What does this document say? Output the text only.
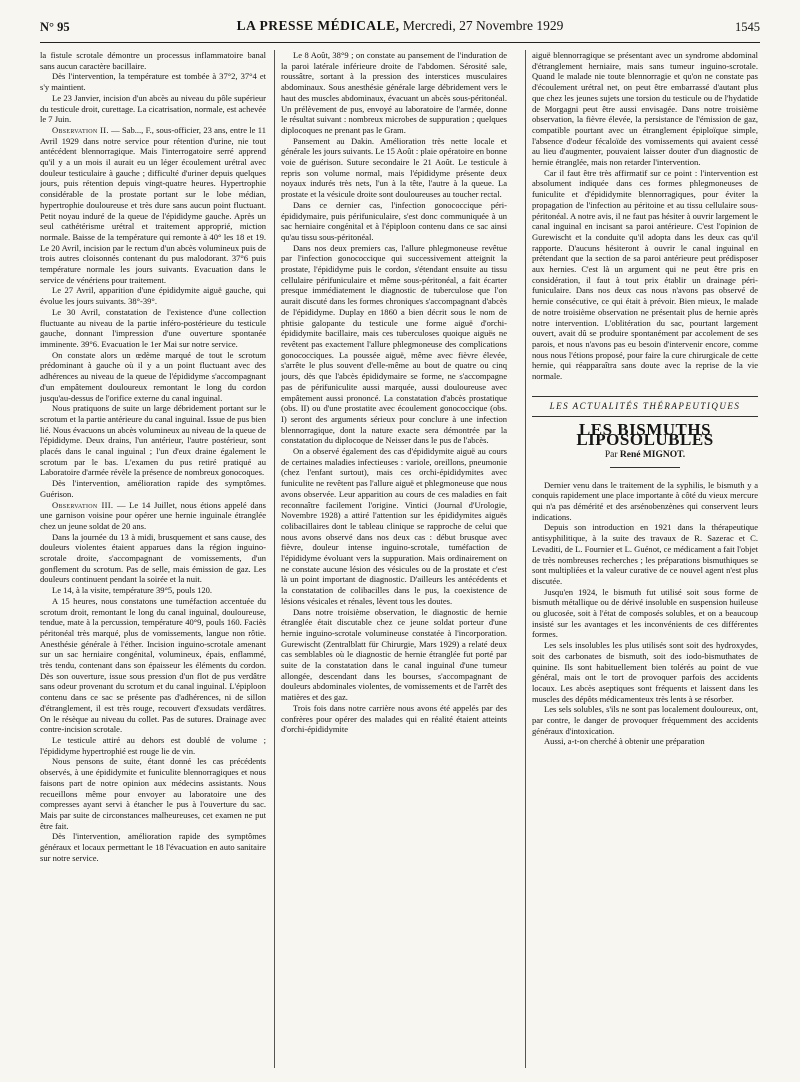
N° 95	LA PRESSE MÉDICALE, Mercredi, 27 Novembre 1929	1545

la fistule scrotale démontre un processus inflammatoire banal sans aucun caractère bacillaire.

Dès l'intervention, la température est tombée à 37°2, 37°4 et s'y maintient.

Le 23 Janvier, incision d'un abcès au niveau du pôle supérieur du testicule droit, curettage. La cicatrisation, normale, est achevée le 7 Juin.

Observation II. — Sab..., F., sous-officier, 23 ans, entre le 11 Avril 1929 dans notre service pour rétention d'urine, nie tout antécédent blennorragique. Mais l'interrogatoire serré apprend qu'il y a un mois il aurait eu un léger écoulement urétral avec douleur testiculaire à gauche ; difficulté d'uriner depuis quelques jours, puis rétention depuis vingt-quatre heures. Hypertrophie considérable de la prostate portant sur le lobe médian, hypertrophie douloureuse et très dure sans aucun point fluctuant. Petit noyau induré de la queue de l'épididyme gauche. Après un seul cathétérisme urétral et traitement approprié, miction normale. Baisse de la température qui remonte à 40° les 18 et 19. Le 20 Avril, incision par le rectum d'un abcès volumineux puis de trois autres cloisonnés contenant du pus malodorant. 37°6 puis température normale les jours suivants. Evacuation dans le service de vénériens pour traitement.

Le 27 Avril, apparition d'une épididymite aiguë gauche, qui évolue les jours suivants. 38°-39°.

Le 30 Avril, constatation de l'existence d'une collection fluctuante au niveau de la partie inféro-postérieure du testicule gauche, donnant l'impression d'une ouverture spontanée imminente. 39°6. Evacuation le 1er Mai sur notre service.

On constate alors un œdème marqué de tout le scrotum prédominant à gauche où il y a un point fluctuant avec des adhérences au niveau de la queue de l'épididyme s'accompagnant d'un empâtement douloureux remontant le long du cordon jusqu'au-dessus de l'orifice externe du canal inguinal.

Nous pratiquons de suite un large débridement portant sur le scrotum et la partie antérieure du canal inguinal. Issue de pus bien lié. Nous évacuons un abcès volumineux au niveau de la queue de l'épididyme. Deux drains, l'un antérieur, l'autre postérieur, sont placés dans le canal inguinal ; l'un d'eux draine également le scrotum par le bas. L'examen du pus retiré pratiqué au Laboratoire d'armée révèle la présence de nombreux gonocoques.

Dès l'intervention, amélioration rapide des symptômes. Guérison.

Observation III. — Le 14 Juillet, nous étions appelé dans une garnison voisine pour opérer une hernie inguinale étranglée chez un jeune soldat de 20 ans.

Dans la journée du 13 à midi, brusquement et sans cause, des douleurs violentes étaient apparues dans la région inguino-scrotale droite, s'accompagnant de vomissements, d'un gonflement du scrotum. Pas de selle, mais émission de gaz. Les douleurs continuent pendant la soirée et la nuit.

Le 14, à la visite, température 39°5, pouls 120.

A 15 heures, nous constatons une tuméfaction accentuée du scrotum droit, remontant le long du canal inguinal, douloureuse, tendue, mate à la percussion, température 40°9, pouls 160. Faciès péritonéal très marqué, plus de vomissements, langue non rôtie. Anesthésie générale à l'éther. Incision inguino-scrotale amenant sur un sac herniaire congénital, volumineux, épais, enflammé, très tendu, contenant dans son épaisseur les éléments du cordon. Dès son ouverture, issue sous pression d'un flot de pus verdâtre sans odeur provenant du scrotum et du canal inguinal. L'épiploon contenu dans ce sac se présente pas d'adhérences, ni de sillon d'étranglement, il est très rouge, recouvert d'exsudats verdâtres. On le résèque au niveau du collet. Pas de sutures. Drainage avec contre-incision scrotale.

Le testicule attiré au dehors est doublé de volume ; l'épididyme hypertrophié est rouge lie de vin.

Nous pensons de suite, étant donné les cas précédents observés, à une épididymite et funiculite blennorragiques et nous faisons part de notre opinion aux médecins assistants. Nous recueillons même pour envoyer au laboratoire une des compresses ayant servi à étancher le pus à l'ouverture du sac. Mais par suite de circonstances malheureuses, cet examen ne put être fait.

Dès l'intervention, amélioration rapide des symptômes généraux et locaux permettant le 18 l'évacuation en auto sanitaire sur notre service.

Le 8 Août, 38°9 ; on constate au pansement de l'induration de la paroi latérale inférieure droite de l'abdomen. Sérosité sale, roussâtre, sortant à la pression des interstices musculaires abdominaux. Sous anesthésie générale large débridement vers le haut des muscles abdominaux, évacuant un abcès sous-péritonéal. Un prélèvement de pus, envoyé au laboratoire de l'armée, donne le résultat suivant : nombreux microbes de suppuration ; quelques diplocoques ne prenant pas le Gram.

Pansement au Dakin. Amélioration très nette locale et générale les jours suivants. Le 15 Août : plaie opératoire en bonne voie de guérison. Suture secondaire le 21 Août. Le testicule à repris son volume normal, mais l'épididyme présente deux noyaux indurés très nets, l'un à la tête, l'autre à la queue. La prostate et la vésicule droite sont douloureuses au toucher rectal.

Dans ce dernier cas, l'infection gonococcique péri-épididymaire, puis périfuniculaire, s'est donc communiquée à un sac herniaire congénital et à l'épiploon contenu dans ce sac ainsi qu'au tissu sous-péritonéal.

Dans nos deux premiers cas, l'allure phlegmoneuse revêtue par l'infection gonococcique qui successivement atteignit la prostate, l'épididyme puis le cordon, s'étendant ensuite au tissu cellulaire périfuniculaire et même sous-péritonéal, a fait écarter presque immédiatement le diagnostic de tuberculose que l'on aurait discuté dans les formes chroniques s'accompagnant d'abcès de l'épididyme. Duplay en 1860 a bien décrit sous le nom de phtisie galopante du testicule une forme aiguë d'orchi-épididymite bacillaire, mais ces tuberculoses quoique aiguës ne revêtent pas exactement l'allure phlegmoneuse des complications gonococciques. La poussée aiguë, même avec fièvre élevée, s'arrête le plus souvent d'elle-même au bout de quatre ou cinq jours, dès que l'abcès épididymaire se forme, ne s'accompagne pas de périfuniculite aussi marquée, aussi douloureuse avec empâtement aussi prononcé. La constatation d'abcès prostatique (obs. II) ou d'une prostatite avec écoulement gonococcique (obs. I) seront des arguments sérieux pour conclure à une infection blennorragique, dont la nature exacte sera démontrée par la constatation du diplocoque de Neisser dans le pus de l'abcès.

On a observé également des cas d'épididymite aiguë au cours de certaines maladies infectieuses : variole, oreillons, pneumonie (chez l'enfant surtout), mais ces orchi-épididymites avec funiculite ne revêtent pas l'allure aiguë et phlegmoneuse que nous avons observée. Leur apparition au cours de ces maladies en fait reconnaître facilement l'origine. Vintici (Journal d'Urologie, Novembre 1928) a attiré l'attention sur les épididymites aiguës colibacillaires dont le tableau clinique se rapproche de celui que nous avons observé dans nos deux cas : début brusque avec fièvre, douleur intense inguino-scrotale, tuméfaction de l'épididyme évoluant vers la suppuration. Mais ordinairement on ne constate aucune lésion des vésicules ou de la prostate et c'est là un point important de diagnostic. D'ailleurs les antécédents et la constatation de colibacilles dans le pus, la coexistence de lésions vésicales et rénales, lèvent tous les doutes.

Dans notre troisième observation, le diagnostic de hernie étranglée était discutable chez ce jeune soldat porteur d'une hernie inguino-scrotale volumineuse constatée à l'incorporation. Gurewischt (Zentralblatt für Chirurgie, Mars 1929) a relaté deux cas semblables où le diagnostic de hernie étranglée fut porté par suite de la constatation dans le canal inguinal d'une tumeur allongée, descendant dans les bourses, s'accompagnant de douleurs abdominales violentes, de vomissements et de l'arrêt des matières et des gaz.

Trois fois dans notre carrière nous avons été appelés par des confrères pour opérer des malades qui en réalité étaient atteints d'orchi-épididymite

aiguë blennorragique se présentant avec un syndrome abdominal d'étranglement herniaire, mais sans tumeur inguino-scrotale. Quand le malade nie toute blennorragie et qu'on ne constate pas d'écoulement urétral net, on peut être embarrassé d'autant plus que chez les jeunes sujets une torsion du testicule ou de l'hydatide de Morgagni peut être aussi envisagée. Dans notre troisième observation, la fièvre élevée, la persistance de l'émission de gaz, compatible pourtant avec un étranglement épiploïque simple, l'absence d'odeur fécaloïde des vomissements qui avaient cessé au lieu d'augmenter, pouvaient laisser douter d'un diagnostic de hernie étranglée, mais non retarder l'intervention.

Car il faut être très affirmatif sur ce point : l'intervention est absolument indiquée dans ces formes phlegmoneuses de funiculite et d'épididymite blennorragiques, pour éviter la propagation de l'infection au péritoine et au tissu cellulaire sous-péritonéal. A notre avis, il ne faut pas hésiter à ouvrir largement le canal inguinal en incisant sa paroi antérieure. C'est l'opinion de Gurewischt et la conduite qu'il adopta dans les deux cas qu'il rapporte. D'aucuns hésiteront à ouvrir le canal inguinal en prétendant que la section de sa paroi antérieure peut prédisposer aux hernies. C'est là un argument qui ne peut être pris en considération, il faut à tout prix établir un drainage péri-funiculaire. Dans nos deux cas nous n'avons pas observé de hernie consécutive, ce qui était à prévoir. Bien mieux, le malade de notre troisième observation ne présentait plus de hernie après notre intervention. L'oblitération du sac, pourtant largement ouvert, avait dû se produire spontanément par accolement de ses parois, et nous n'avons pas eu besoin d'intervenir encore, comme nous nous l'étions proposé, pour faire la cure chirurgicale de cette hernie, qui réapparaîtra sans doute avec la reprise de la vie normale.

LES ACTUALITÉS THÉRAPEUTIQUES
LES BISMUTHS LIPOSOLUBLES
Par René MIGNOT.

Dernier venu dans le traitement de la syphilis, le bismuth y a conquis rapidement une place importante à côté du vieux mercure qui n'a pas démérité et des arsénobenzènes qui conservent leurs indications.

Depuis son introduction en 1921 dans la thérapeutique antisyphilitique, à la suite des travaux de R. Sazerac et C. Levaditi, de L. Fournier et L. Guénot, ce médicament a fait l'objet de très nombreuses recherches ; les préparations bismuthiques se sont multipliées et la valeur curative de ce nouvel agent n'est plus discutée.

Jusqu'en 1924, le bismuth fut utilisé soit sous forme de bismuth métallique ou de dérivé insoluble en suspension huileuse ou glucosée, soit à l'état de composés solubles, et on a beaucoup insisté sur les avantages et les inconvénients de ces différentes formes.

Les sels insolubles les plus utilisés sont soit des hydroxydes, soit des carbonates de bismuth, soit des iodo-bismuthates de quinine. Ils sont habituellement bien tolérés au point de vue général, mais ont le tort de provoquer parfois des accidents locaux. Les abcès aseptiques sont fréquents et laissent dans les muscles des dépôts médicamenteux très lents à se résorber.

Les sels solubles, s'ils ne sont pas localement douloureux, ont, par contre, le danger de provoquer fréquemment des accidents généraux d'intoxication.

Aussi, a-t-on cherché à obtenir une préparation
